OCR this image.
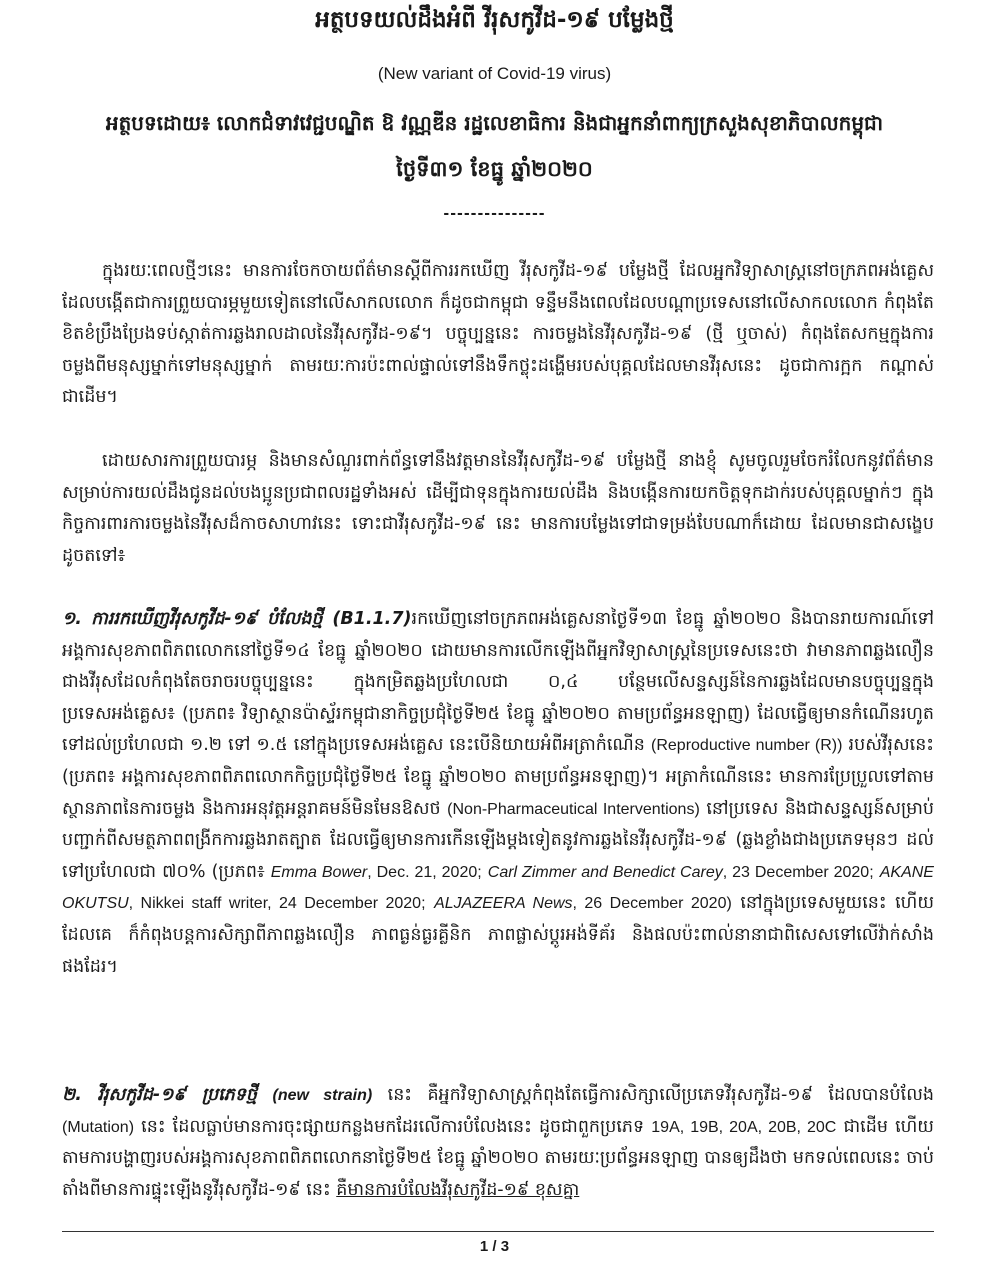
អត្ថបទយល់ដឹងអំពី វីរុសកូវីដ-១៩ បម្លែងថ្មី
(New variant of Covid-19 virus)
អត្ថបទដោយ៖ លោកជំទាវវេជ្ជបណ្ឌិត ឱ វណ្ណឌីន រដ្ឋលេខាធិការ និងជាអ្នកនាំពាក្យក្រសួងសុខាភិបាលកម្ពុជា
ថ្ងៃទី៣១ ខែធ្នូ ឆ្នាំ២០២០
---------------
ក្នុងរយៈពេលថ្មីៗនេះ មានការចែកចាយព័ត៌មានស្តីពីការរកឃើញ វីរុសកូវីដ-១៩ បម្លែងថ្មី ដែលអ្នកវិទ្យាសាស្ត្រនៅចក្រភពអង់គ្លេស ដែលបង្កើតជាការព្រួយបារម្ភមួយទៀតនៅលើសាកលលោក ក៏ដូចជាកម្ពុជា ទន្ទឹមនឹងពេលដែលបណ្តាប្រទេសនៅលើសាកលលោក កំពុងតែខិតខំប្រឹងប្រែងទប់ស្កាត់ការឆ្លងរាលដាលនៃវីរុសកូវីដ-១៩។ បច្ចុប្បន្ននេះ ការចម្លងនៃវីរុសកូវីដ-១៩ (ថ្មី ឬចាស់) កំពុងតែសកម្មក្នុងការចម្លងពីមនុស្សម្នាក់ទៅមនុស្សម្នាក់ តាមរយៈការប៉ះពាល់ផ្ទាល់ទៅនឹងទឹកថ្លុះដង្ហើមរបស់បុគ្គលដែលមានវីរុសនេះ ដូចជាការក្អក កណ្តាស់ជាដើម។
ដោយសារការព្រួយបារម្ភ និងមានសំណួរពាក់ព័ន្ធទៅនឹងវត្តមាននៃវីរុសកូវីដ-១៩ បម្លែងថ្មី នាងខ្ញុំ សូមចូលរួមចែករំលែកនូវព័ត៌មានសម្រាប់ការយល់ដឹងជូនដល់បងប្អូនប្រជាពលរដ្ឋទាំងអស់ ដើម្បីជាទុនក្នុងការយល់ដឹង និងបង្កើនការយកចិត្តទុកដាក់របស់បុគ្គលម្នាក់ៗ ក្នុងកិច្ចការពារការចម្លងនៃវីរុសដ៏កាចសាហាវនេះ ទោះជាវីរុសកូវីដ-១៩ នេះ មានការបម្លែងទៅជាទម្រង់បែបណាក៏ដោយ ដែលមានជាសង្ខេបដូចតទៅ៖
១. ការរកឃើញវីរុសកូវីដ-១៩ បំលែងថ្មី (B1.1.7)រកឃើញនៅចក្រភពអង់គ្លេសនាថ្ងៃទី១៣ ខែធ្នូ ឆ្នាំ២០២០ និងបានរាយការណ៍ទៅអង្គការសុខភាពពិភពលោកនៅថ្ងៃទី១៤ ខែធ្នូ ឆ្នាំ២០២០ ដោយមានការលើកឡើងពីអ្នកវិទ្យាសាស្ត្រនៃប្រទេសនេះថា វាមានភាពឆ្លងលឿនជាងវីរុសដែលកំពុងតែចរាចរបច្ចុប្បន្ននេះ ក្នុងកម្រិតឆ្លងប្រហែលជា ០,៤ បន្ថែមលើសន្ទស្សន៍នៃការឆ្លងដែលមានបច្ចុប្បន្នក្នុងប្រទេសអង់គ្លេស៖ (ប្រភព៖ វិទ្យាស្ថានប៉ាស្ទ័រកម្ពុជានាកិច្ចប្រជុំថ្ងៃទី២៥ ខែធ្នូ ឆ្នាំ២០២០ តាមប្រព័ន្ធអនឡាញ) ដែលធ្វើឲ្យមានកំណើនរហូតទៅដល់ប្រហែលជា ១.២ ទៅ ១.៥ នៅក្នុងប្រទេសអង់គ្លេស នេះបើនិយាយអំពីអត្រាកំណើន (Reproductive number (R)) របស់វីរុសនេះ (ប្រភព៖ អង្គការសុខភាពពិភពលោកកិច្ចប្រជុំថ្ងៃទី២៥ ខែធ្នូ ឆ្នាំ២០២០ តាមប្រព័ន្ធអនឡាញ)។ អត្រាកំណើននេះ មានការប្រែប្រួលទៅតាមស្ថានភាពនៃការចម្លង និងការអនុវត្តអន្តរាគមន៍មិនមែនឱសថ (Non-Pharmaceutical Interventions) នៅប្រទេស និងជាសន្ទស្សន៍សម្រាប់បញ្ជាក់ពីសមត្ថភាពពង្រីកការឆ្លងរាតត្បាត ដែលធ្វើឲ្យមានការកើនឡើងម្តងទៀតនូវការឆ្លងនៃវីរុសកូវីដ-១៩ (ឆ្លងខ្លាំងជាងប្រភេទមុនៗ ដល់ទៅប្រហែលជា ៧០% (ប្រភព៖ Emma Bower, Dec. 21, 2020; Carl Zimmer and Benedict Carey, 23 December 2020; AKANE OKUTSU, Nikkei staff writer, 24 December 2020; ALJAZEERA News, 26 December 2020) នៅក្នុងប្រទេសមួយនេះ ហើយដែលគេ ក៏កំពុងបន្តការសិក្សាពីភាពឆ្លងលឿន ភាពធ្ងន់ធ្ងរគ្លីនិក ភាពផ្លាស់ប្តូរអង់ទីគ័រ និងផលប៉ះពាល់នានាជាពិសេសទៅលើវ៉ាក់សាំងផងដែរ។
២. វីរុសកូវីដ-១៩ ប្រភេទថ្មី (new strain) នេះ គឺអ្នកវិទ្យាសាស្ត្រកំពុងតែធ្វើការសិក្សាលើប្រភេទវីរុសកូវីដ-១៩ ដែលបានបំលែង (Mutation) នេះ ដែលធ្លាប់មានការចុះផ្សាយកន្លងមកដែរលើការបំលែងនេះ ដូចជាពួកប្រភេទ 19A, 19B, 20A, 20B, 20C ជាដើម ហើយតាមការបង្ហាញរបស់អង្គការសុខភាពពិភពលោកនាថ្ងៃទី២៥ ខែធ្នូ ឆ្នាំ២០២០ តាមរយៈប្រព័ន្ធអនឡាញ បានឲ្យដឹងថា មកទល់ពេលនេះ ចាប់តាំងពីមានការផ្ទុះឡើងនូវីរុសកូវីដ-១៩ នេះ គឺមានការបំលែងវីរុសកូវីដ-១៩ ខុសគ្នា
1 / 3
